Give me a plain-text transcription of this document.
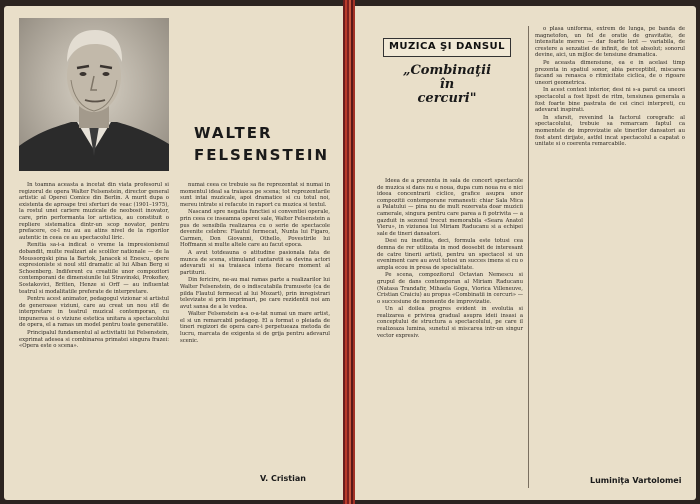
WALTER
FELSENSTEIN

In toamna aceasta a incetat din viata profesorul si regizorul de opera Walter Felsenstein, director general artistic al Operei Comice din Berlin. A murit dupa o existenta de aproape trei sferturi de veac (1901–1975), la rostul unei cariere muzicale de neobosit inovator, care, prin performanta lor artistica, au constituit o repliere sistematica dintr-un scop novator, pentru prefacere, ce-l nu au au atins nivel de la rigorilor autentic in ceea ce au spectacolul liric.

Renitia sa-i-a indicat o vreme la impresionismul dobandit, multe realizari ale scolilor nationale — de la Moussorgski pina la Bartok, Janacek si Enescu, opere expresioniste si noul stil dramatic al lui Alban Berg si Schoenberg. Indiferent cu creatiile unor compozitori contemporani de dimensiunile lui Stravinski, Prokofiev, Sostakovici, Britten, Henze si Orff — au influentat teatrul si modalitatile preferate de interpretare.

Pentru acest animator, pedagogul vizionar si artistul de generoase viziuni, care au creat un nou stil de interpretare in teatrul muzical contemporan, cu impunerea si o viziune estetica unitara a spectacolului de opera, el a ramas un model pentru toate generatiile.

Principalul fundamentul al activitatii lui Felsenstein, exprimat adesea si combinarea primatei singura frazei: «Opera este o scena».

numai ceea ce trebuie sa fie reprezentat si numai in momentul ideal sa traiasca pe scena; tot reprezentarile sunt intai muzicale, apoi dramatice si cu totul noi, mereu intrate si refacute in raport cu muzica si textul.

Nascand spre negatia functiei si conventiei operale, prin ceea ce inseamna operei sale, Walter Felsenstein a pus de sensibila realizarea cu o serie de spectacole devenite celebre: Flautul fermecat, Nunta lui Figaro, Carmen, Don Giovanni, Othello, Povestirile lui Hoffmann si multe altele care au facut epoca.

A avut totdeauna o atitudine pasionala fata de munca de scena, stimuland cantaretii sa devina actori adevarati si sa traiasca intens fiecare moment al partiturii.

Din fericire, ne-au mai ramas parte a realizarilor lui Walter Felsenstein, de o indiscutabila frumusete (ca de pilda Flautul fermecat al lui Mozart), prin inregistrari televizate si prin imprimari, pe care rezidentii noi am avut sansa de a le vedea.

Walter Felsenstein a-a o-a-tat numai un mare artist, el si un remarcabil pedagog. El a format o pleiada de tineri regizori de opera care-i perpetueaza metoda de lucru, marcata de exigenta si de grija pentru adevarul scenic.

V. Cristian
MUZICA ŞI DANSUL
„Combinaţii
în
cercuri"

Ideea de a prezenta in sala de concert spectacole de muzica si dans nu e noua, dupa cum noua nu e nici ideea concentrarii ciclice, grafice asupra unor compozitii contemporane romanesti: chiar Sala Mica a Palatului — pina nu de mult rezervata doar muzicii camerale, singura pentru care parea a fi potrivita — a gazduit in sezonul trecut memorabila «Seara Anatol Vieru», in viziunea lui Miriam Raducanu si a echipei sale de tineri dansatori.

Desi nu ineditia, deci, formula este totusi cea demna de rer utilizata in mod deosebit de interesant de catre tinerii artisti, pentru un spectacol si un eveniment care au avut totusi un succes imens si cu o ampla ecou in presa de specialitate.

Pe scena, compozitorul Octavian Nemescu si grupul de dans contemporan al Miriam Raducanu (Natasa Trandafir, Mihaela Gogu, Viorica Villeneuve, Cristian Craiciu) au propus «Combinatii in cercuri» — o succesiune de momente de improvizatie.

Un al doilea progres evident in evolutia si realizarea e privirea gradual asupra ideii insasi a conceptului de structura a spectacolului, pe care il realizeaza lumina, sunetul si miscarea intr-un singur vector expresiv.

o plasa uniforma, extrem de lunga, pe banda de magnetofon, un fel de oratie de gravitatie, de intensitate mereu — dar foarte lent — variabila, de crestere a senzatiei de infinit, de tot absolut; sonorul devine, aici, un mijloc de tensiune dramatica.

Pe aceasta dimensiune, ea e in acelasi timp prezenta in spatiul sonor, abia perceptibil, miscarea facand sa renasca o ritmicitate ciclica, de o rigoare uneori geometrica.

In acest context interior, desi ni s-a parut ca uneori spectacolul a fost lipsit de ritm, tensiunea generala a fost foarte bine pastrata de cei cinci interpreti, cu adevarat inspirati.

In sfarsit, revenind la factorul coregrafic al spectacolului, trebuie sa remarcam faptul ca momentele de improvizatie ale tinerilor dansatori au fost atent dirijate, astfel incat spectacolul a capatat o unitate si o coerenta remarcabile.

Luminiţa Vartolomei
